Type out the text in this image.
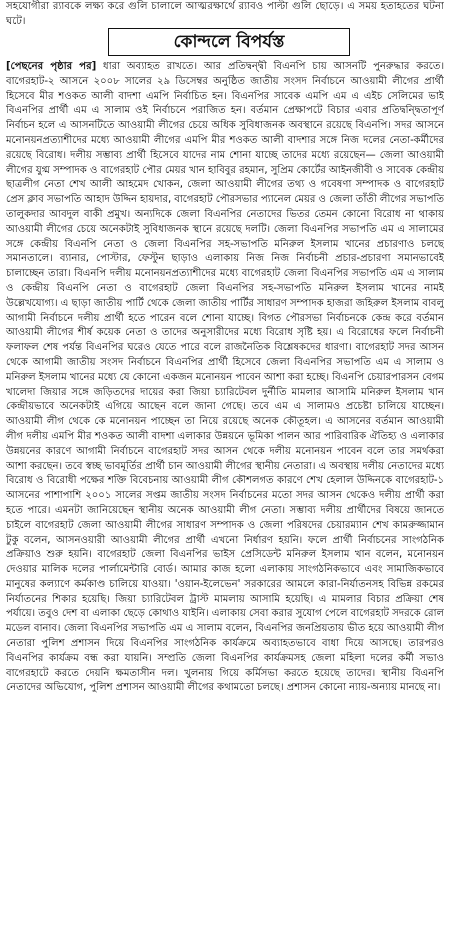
সহযোগীরা র‌্যাবকে লক্ষ্য করে গুলি চালালে আত্মরক্ষার্থে র‌্যাবও পাল্টা গুলি ছোড়ে। এ সময় হতাহতের ঘটনা ঘটে।

কোন্দলে বিপর্যস্ত

[পেছনের পৃষ্ঠার পর] ধারা অব্যাহত রাখতে। আর প্রতিদ্বন্দ্বী বিএনপি চায় আসনটি পুনরুদ্ধার করতে। বাগেরহাট-২ আসনে ২০০৮ সালের ২৯ ডিসেম্বর অনুষ্ঠিত জাতীয় সংসদ নির্বাচনে আওয়ামী লীগের প্রার্থী হিসেবে মীর শওকত আলী বাদশা এমপি নির্বাচিত হন। বিএনপির সাবেক এমপি এম এ এইচ সেলিমের ভাই বিএনপির প্রার্থী এম এ সালাম ওই নির্বাচনে পরাজিত হন। বর্তমান প্রেক্ষাপটে বিচার এবার প্রতিদ্বন্দ্বিতাপূর্ণ নির্বাচন হলে এ আসনটিতে আওয়ামী লীগের চেয়ে অধিক সুবিধাজনক অবস্থানে রয়েছে বিএনপি। সদর আসনে মনোনয়নপ্রত্যাশীদের মধ্যে আওয়ামী লীগের এমপি মীর শওকত আলী বাদশার সঙ্গে নিজ দলের নেতা-কর্মীদের রয়েছে বিরোধ। দলীয় সম্ভাব্য প্রার্থী হিসেবে যাদের নাম শোনা যাচ্ছে তাদের মধ্যে রয়েছেন— জেলা আওয়ামী লীগের যুগ্ম সম্পাদক ও বাগেরহাট পৌর মেয়র খান হাবিবুর রহমান, সুপ্রিম কোর্টের আইনজীবী ও সাবেক কেন্দ্রীয় ছাত্রলীগ নেতা শেখ আলী আহমেদ খোকন, জেলা আওয়ামী লীগের তথ্য ও গবেষণা সম্পাদক ও বাগেরহাট প্রেস ক্লাব সভাপতি আহাদ উদ্দিন হায়দার, বাগেরহাট পৌরসভার প্যানেল মেয়র ও জেলা তাঁতী লীগের সভাপতি তালুকদার আবদুল বাকী প্রমুখ। অন্যদিকে জেলা বিএনপির নেতাদের ভিতর তেমন কোনো বিরোধ না থাকায় আওয়ামী লীগের চেয়ে অনেকটাই সুবিধাজনক স্থানে রয়েছে দলটি। জেলা বিএনপির সভাপতি এম এ সালামের সঙ্গে কেন্দ্রীয় বিএনপি নেতা ও জেলা বিএনপির সহ-সভাপতি মনিরুল ইসলাম খানের প্রচারণাও চলছে সমানতালে। ব্যানার, পোস্টার, ফেস্টুন ছাড়াও এলাকায় নিজ নিজ নির্বাচনী প্রচার-প্রচারণা সমানভাবেই চালাচ্ছেন তারা। বিএনপি দলীয় মনোনয়নপ্রত্যাশীদের মধ্যে বাগেরহাট জেলা বিএনপির সভাপতি এম এ সালাম ও কেন্দ্রীয় বিএনপি নেতা ও বাগেরহাট জেলা বিএনপির সহ-সভাপতি মনিরুল ইসলাম খানের নামই উল্লেখযোগ্য। এ ছাড়া জাতীয় পার্টি থেকে জেলা জাতীয় পার্টির সাধারণ সম্পাদক হাজরা জহিরুল ইসলাম বাবলু আগামী নির্বাচনে দলীয় প্রার্থী হতে পারেন বলে শোনা যাচ্ছে। বিগত পৌরসভা নির্বাচনকে কেন্দ্র করে বর্তমান আওয়ামী লীগের শীর্ষ কয়েক নেতা ও তাদের অনুসারীদের মধ্যে বিরোধ সৃষ্টি হয়। এ বিরোধের ফলে নির্বাচনী ফলাফল শেষ পর্যন্ত বিএনপির ঘরেও যেতে পারে বলে রাজনৈতিক বিশ্লেষকদের ধারণা। বাগেরহাট সদর আসন থেকে আগামী জাতীয় সংসদ নির্বাচনে বিএনপির প্রার্থী হিসেবে জেলা বিএনপির সভাপতি এম এ সালাম ও মনিরুল ইসলাম খানের মধ্যে যে কোনো একজন মনোনয়ন পাবেন আশা করা হচ্ছে। বিএনপি চেয়ারপারসন বেগম খালেদা জিয়ার সঙ্গে জড়িতদের দায়ের করা জিয়া চ্যারিটেবল দুর্নীতি মামলার আসামি মনিরুল ইসলাম খান কেন্দ্রীয়ভাবে অনেকটাই এগিয়ে আছেন বলে জানা গেছে। তবে এম এ সালামও প্রচেষ্টা চালিয়ে যাচ্ছেন। আওয়ামী লীগ থেকে কে মনোনয়ন পাচ্ছেন তা নিয়ে রয়েছে অনেক কৌতূহল। এ আসনের বর্তমান আওয়ামী লীগ দলীয় এমপি মীর শওকত আলী বাদশা এলাকার উন্নয়নে ভূমিকা পালন আর পারিবারিক ঐতিহ্য ও এলাকার উন্নয়নের কারণে আগামী নির্বাচনে বাগেরহাট সদর আসন থেকে দলীয় মনোনয়ন পাবেন বলে তার সমর্থকরা আশা করছেন। তবে স্বচ্ছ ভাবমূর্তির প্রার্থী চান আওয়ামী লীগের স্থানীয় নেতারা। এ অবস্থায় দলীয় নেতাদের মধ্যে বিরোধ ও বিরোধী পক্ষের শক্তি বিবেচনায় আওয়ামী লীগ কৌশলগত কারণে শেখ হেলাল উদ্দিনকে বাগেরহাট-১ আসনের পাশাপাশি ২০০১ সালের সপ্তম জাতীয় সংসদ নির্বাচনের মতো সদর আসন থেকেও দলীয় প্রার্থী করা হতে পারে। এমনটা জানিয়েছেন স্থানীয় অনেক আওয়ামী লীগ নেতা। সম্ভাব্য দলীয় প্রার্থীদের বিষয়ে জানতে চাইলে বাগেরহাট জেলা আওয়ামী লীগের সাধারণ সম্পাদক ও জেলা পরিষদের চেয়ারম্যান শেখ কামরুজ্জামান টুকু বলেন, আসনওয়ারী আওয়ামী লীগের প্রার্থী এখনো নির্ধারণ হয়নি। ফলে প্রার্থী নির্বাচনের সাংগঠনিক প্রক্রিয়াও শুরু হয়নি। বাগেরহাট জেলা বিএনপির ভাইস প্রেসিডেন্ট মনিরুল ইসলাম খান বলেন, মনোনয়ন দেওয়ার মালিক দলের পার্লামেন্টারি বোর্ড। আমার কাজ হলো এলাকায় সাংগঠনিকভাবে এবং সামাজিকভাবে মানুষের কল্যাণে কর্মকাণ্ড চালিয়ে যাওয়া। 'ওয়ান-ইলেভেন' সরকারের আমলে কারা-নির্যাতনসহ বিভিন্ন রকমের নির্যাতনের শিকার হয়েছি। জিয়া চ্যারিটেবল ট্রাস্ট মামলায় আসামি হয়েছি। এ মামলার বিচার প্রক্রিয়া শেষ পর্যায়ে। তবুও দেশ বা এলাকা ছেড়ে কোথাও যাইনি। এলাকায় সেবা করার সুযোগ পেলে বাগেরহাট সদরকে রোল মডেল বানাব। জেলা বিএনপির সভাপতি এম এ সালাম বলেন, বিএনপির জনপ্রিয়তায় ভীত হয়ে আওয়ামী লীগ নেতারা পুলিশ প্রশাসন দিয়ে বিএনপির সাংগঠনিক কার্যক্রমে অব্যাহতভাবে বাধা দিয়ে আসছে। তারপরও বিএনপির কার্যক্রম বন্ধ করা যায়নি। সম্প্রতি জেলা বিএনপির কার্যক্রমসহ জেলা মহিলা দলের কর্মী সভাও বাগেরহাটে করতে দেয়নি ক্ষমতাসীন দল। খুলনায় গিয়ে কর্মিসভা করতে হয়েছে তাদের। স্থানীয় বিএনপি নেতাদের অভিযোগ, পুলিশ প্রশাসন আওয়ামী লীগের কথামতো চলছে। প্রশাসন কোনো ন্যায়-অন্যায় মানছে না।
